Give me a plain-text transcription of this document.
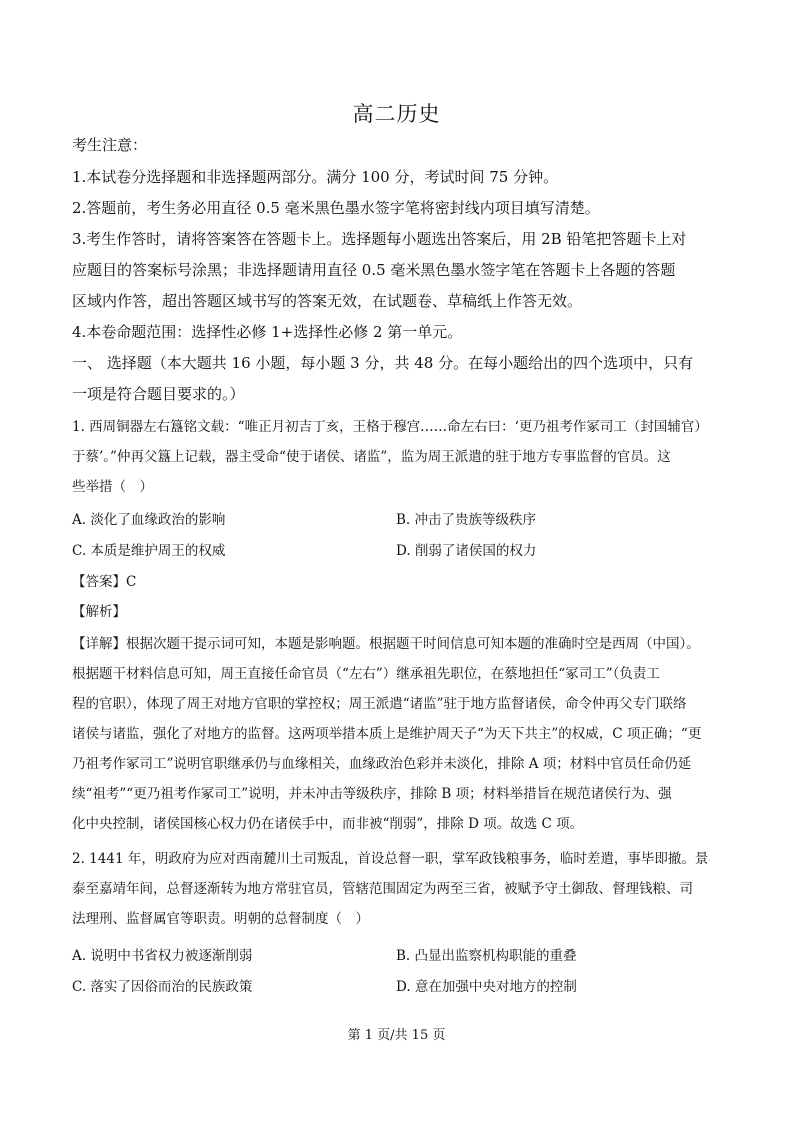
高二历史
考生注意：
1.本试卷分选择题和非选择题两部分。满分 100 分，考试时间 75 分钟。
2.答题前，考生务必用直径 0.5 毫米黑色墨水签字笔将密封线内项目填写清楚。
3.考生作答时，请将答案答在答题卡上。选择题每小题选出答案后，用 2B 铅笔把答题卡上对
应题目的答案标号涂黑；非选择题请用直径 0.5 毫米黑色墨水签字笔在答题卡上各题的答题
区域内作答，超出答题区域书写的答案无效，在试题卷、草稿纸上作答无效。
4.本卷命题范围：选择性必修 1+选择性必修 2 第一单元。
一、 选择题（本大题共 16 小题，每小题 3 分，共 48 分。在每小题给出的四个选项中，只有
一项是符合题目要求的。）
1. 西周铜器左右簋铭文载：“唯正月初吉丁亥，王格于穆宫……命左右曰：‘更乃祖考作冢司工（封国辅官）
于蔡’。”仲再父簋上记载，器主受命“使于诸侯、诸监”，监为周王派遣的驻于地方专事监督的官员。这
些举措（　）
A. 淡化了血缘政治的影响	B. 冲击了贵族等级秩序
C. 本质是维护周王的权威	D. 削弱了诸侯国的权力
【答案】C
【解析】
【详解】根据次题干提示词可知，本题是影响题。根据题干时间信息可知本题的准确时空是西周（中国）。
根据题干材料信息可知，周王直接任命官员（“左右”）继承祖先职位，在蔡地担任“冢司工”（负责工
程的官职），体现了周王对地方官职的掌控权；周王派遣“诸监”驻于地方监督诸侯，命令仲再父专门联络
诸侯与诸监，强化了对地方的监督。这两项举措本质上是维护周天子“为天下共主”的权威，C 项正确；“更
乃祖考作冢司工”说明官职继承仍与血缘相关，血缘政治色彩并未淡化，排除 A 项；材料中官员任命仍延
续“祖考”“更乃祖考作冢司工”说明，并未冲击等级秩序，排除 B 项；材料举措旨在规范诸侯行为、强
化中央控制，诸侯国核心权力仍在诸侯手中，而非被“削弱”，排除 D 项。故选 C 项。
2. 1441 年，明政府为应对西南麓川土司叛乱，首设总督一职，掌军政钱粮事务，临时差遣，事毕即撤。景
泰至嘉靖年间，总督逐渐转为地方常驻官员，管辖范围固定为两至三省，被赋予守土御敌、督理钱粮、司
法理刑、监督属官等职责。明朝的总督制度（　）
A. 说明中书省权力被逐渐削弱	B. 凸显出监察机构职能的重叠
C. 落实了因俗而治的民族政策	D. 意在加强中央对地方的控制
第 1 页/共 15 页
